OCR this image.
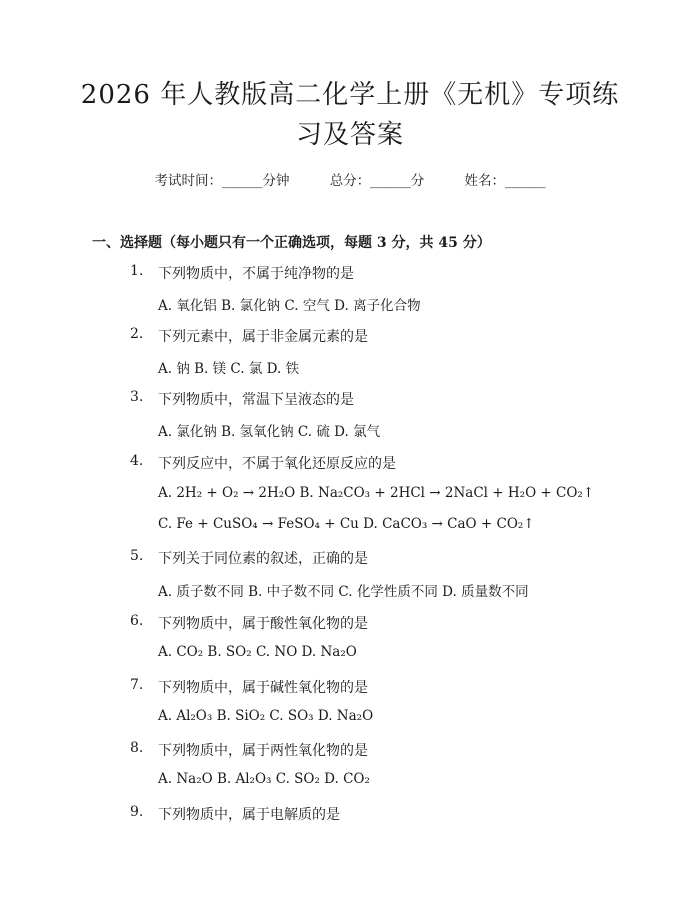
2026 年人教版高二化学上册《无机》专项练
习及答案
考试时间：______分钟	总分：______分	姓名：______
一、选择题（每小题只有一个正确选项，每题 3 分，共 45 分）
1.	下列物质中，不属于纯净物的是
A. 氧化铝 B. 氯化钠 C. 空气 D. 离子化合物
2.	下列元素中，属于非金属元素的是
A. 钠 B. 镁 C. 氯 D. 铁
3.	下列物质中，常温下呈液态的是
A. 氯化钠 B. 氢氧化钠 C. 硫 D. 氯气
4.	下列反应中，不属于氧化还原反应的是
A. 2H₂ + O₂ → 2H₂O B. Na₂CO₃ + 2HCl → 2NaCl + H₂O + CO₂↑
C. Fe + CuSO₄ → FeSO₄ + Cu D. CaCO₃ → CaO + CO₂↑
5.	下列关于同位素的叙述，正确的是
A. 质子数不同 B. 中子数不同 C. 化学性质不同 D. 质量数不同
6.	下列物质中，属于酸性氧化物的是
A. CO₂ B. SO₂ C. NO D. Na₂O
7.	下列物质中，属于碱性氧化物的是
A. Al₂O₃ B. SiO₂ C. SO₃ D. Na₂O
8.	下列物质中，属于两性氧化物的是
A. Na₂O B. Al₂O₃ C. SO₂ D. CO₂
9.	下列物质中，属于电解质的是
